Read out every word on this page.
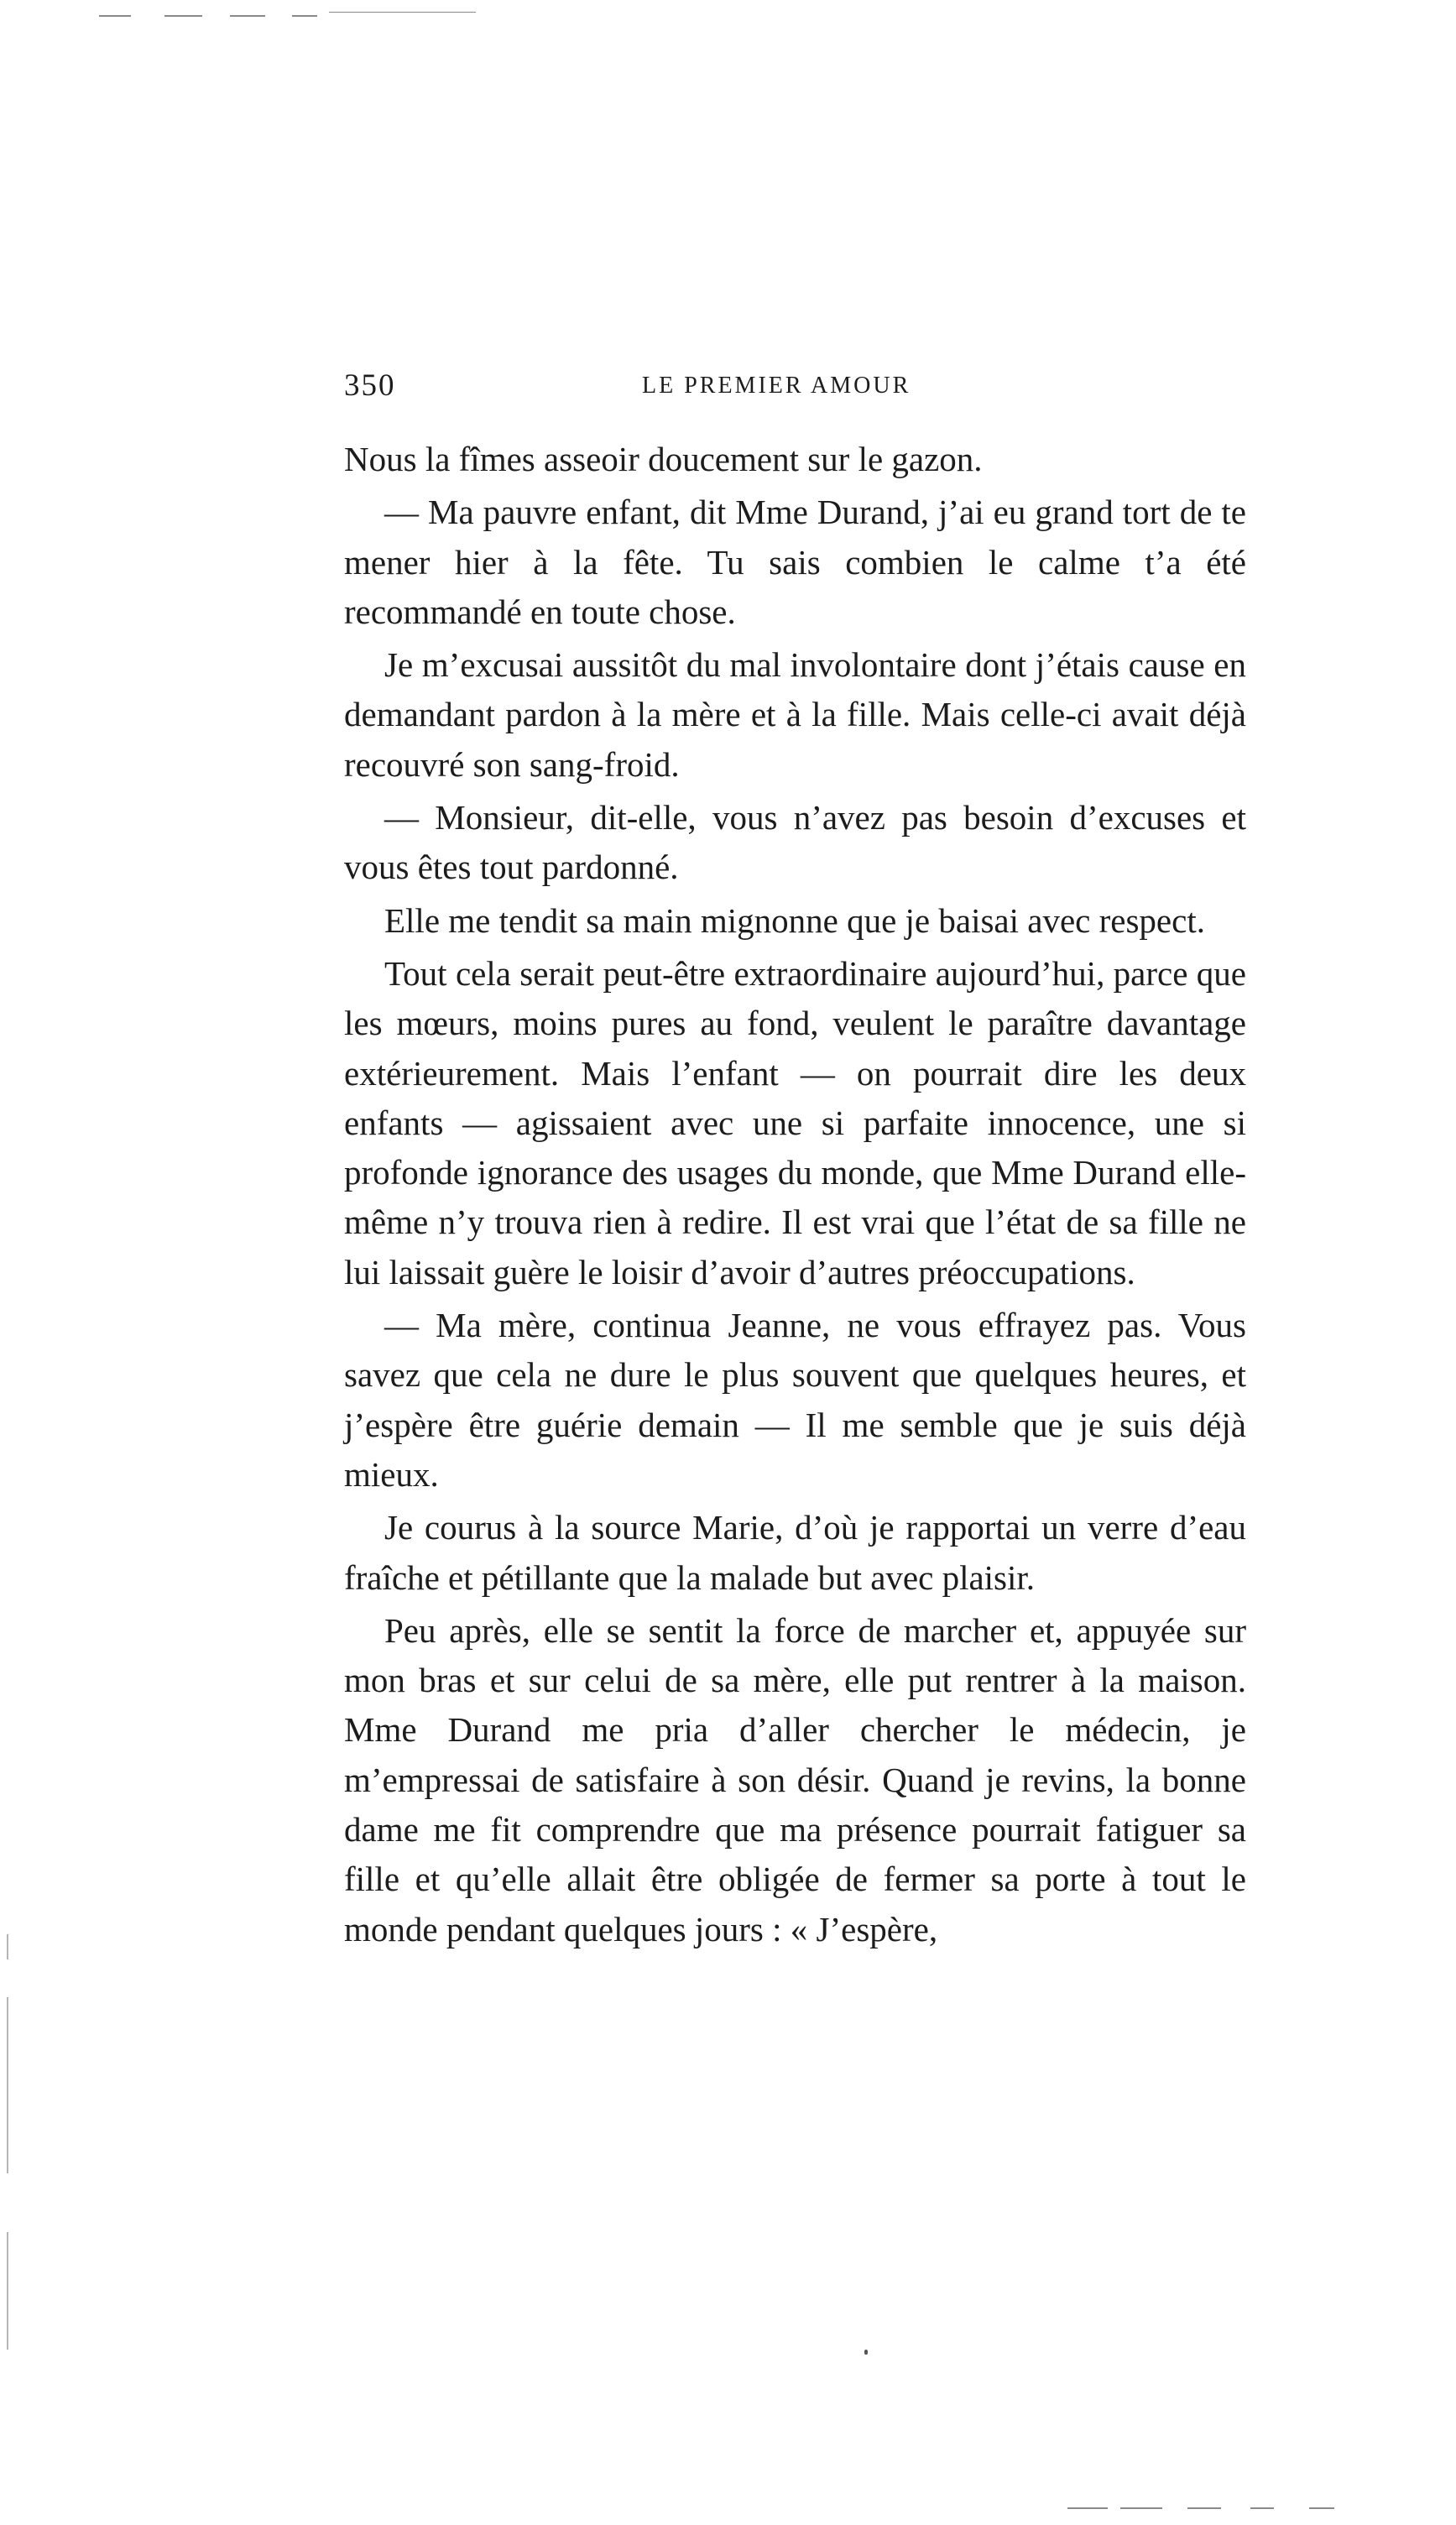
350	LE PREMIER AMOUR

Nous la fîmes asseoir doucement sur le gazon.

— Ma pauvre enfant, dit Mme Durand, j’ai eu grand tort de te mener hier à la fête. Tu sais combien le calme t’a été recommandé en toute chose.

Je m’excusai aussitôt du mal involontaire dont j’étais cause en demandant pardon à la mère et à la fille. Mais celle-ci avait déjà recouvré son sang-froid.

— Monsieur, dit-elle, vous n’avez pas besoin d’excuses et vous êtes tout pardonné.

Elle me tendit sa main mignonne que je baisai avec respect.

Tout cela serait peut-être extraordinaire aujourd’hui, parce que les mœurs, moins pures au fond, veulent le paraître davantage extérieurement. Mais l’enfant — on pourrait dire les deux enfants — agissaient avec une si parfaite innocence, une si profonde ignorance des usages du monde, que Mme Durand elle-même n’y trouva rien à redire. Il est vrai que l’état de sa fille ne lui laissait guère le loisir d’avoir d’autres préoccupations.

— Ma mère, continua Jeanne, ne vous effrayez pas. Vous savez que cela ne dure le plus souvent que quelques heures, et j’espère être guérie demain — Il me semble que je suis déjà mieux.

Je courus à la source Marie, d’où je rapportai un verre d’eau fraîche et pétillante que la malade but avec plaisir.

Peu après, elle se sentit la force de marcher et, appuyée sur mon bras et sur celui de sa mère, elle put rentrer à la maison. Mme Durand me pria d’aller chercher le médecin, je m’empressai de satisfaire à son désir. Quand je revins, la bonne dame me fit comprendre que ma présence pourrait fatiguer sa fille et qu’elle allait être obligée de fermer sa porte à tout le monde pendant quelques jours : « J’espère,
